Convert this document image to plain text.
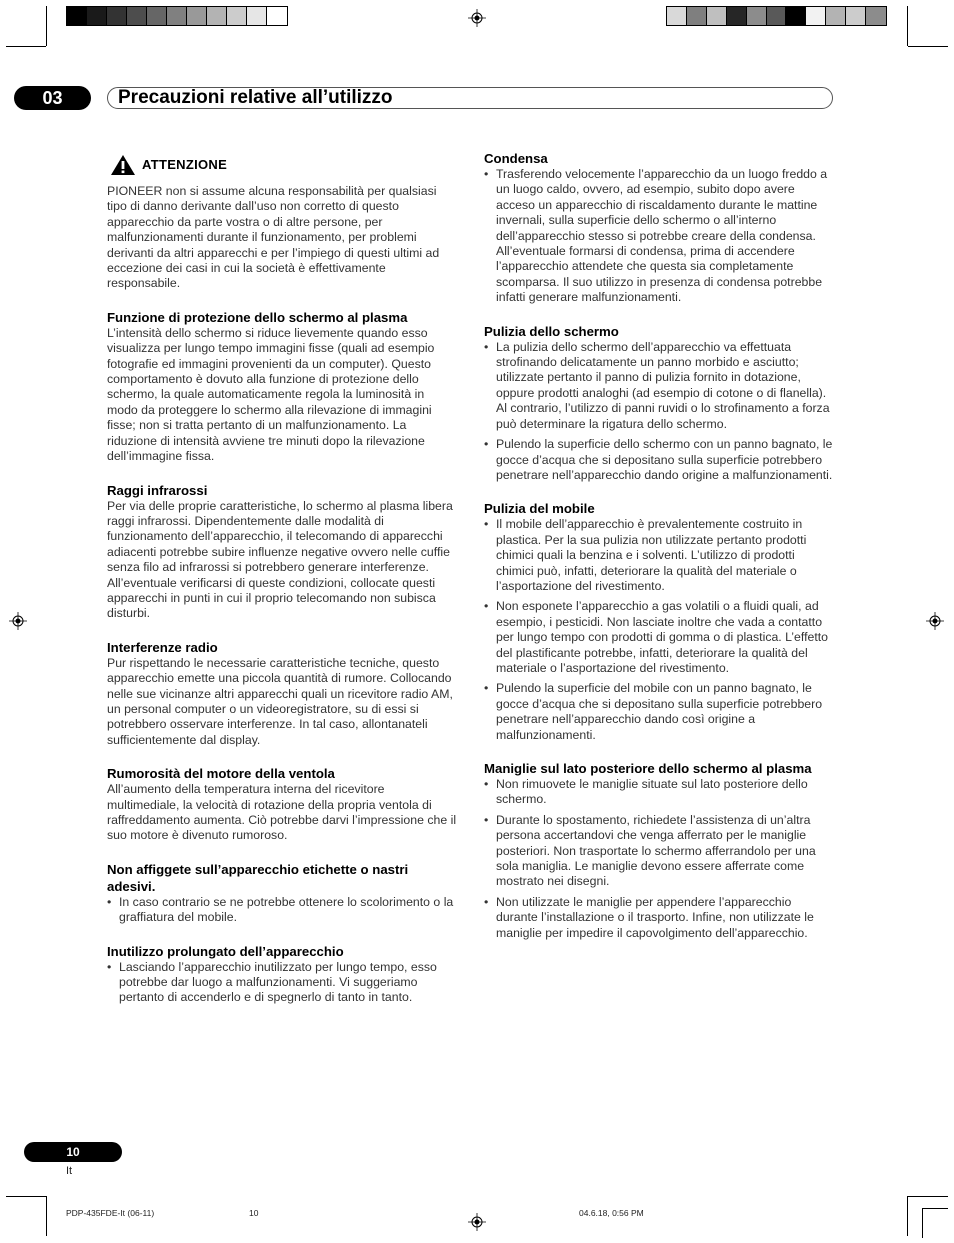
03	Precauzioni relative all’utilizzo
ATTENZIONE

PIONEER non si assume alcuna responsabilità per qualsiasi tipo di danno derivante dall’uso non corretto di questo apparecchio da parte vostra o di altre persone, per malfunzionamenti durante il funzionamento, per problemi derivanti da altri apparecchi e per l’impiego di questi ultimi ad eccezione dei casi in cui la società è effettivamente responsabile.

Funzione di protezione dello schermo al plasma

L’intensità dello schermo si riduce lievemente quando esso visualizza per lungo tempo immagini fisse (quali ad esempio fotografie ed immagini provenienti da un computer). Questo comportamento è dovuto alla funzione di protezione dello schermo, la quale automaticamente regola la luminosità in modo da proteggere lo schermo alla rilevazione di immagini fisse; non si tratta pertanto di un malfunzionamento. La riduzione di intensità avviene tre minuti dopo la rilevazione dell’immagine fissa.

Raggi infrarossi

Per via delle proprie caratteristiche, lo schermo al plasma libera raggi infrarossi. Dipendentemente dalle modalità di funzionamento dell’apparecchio, il telecomando di apparecchi adiacenti potrebbe subire influenze negative ovvero nelle cuffie senza filo ad infrarossi si potrebbero generare interferenze. All’eventuale verificarsi di queste condizioni, collocate questi apparecchi in punti in cui il proprio telecomando non subisca disturbi.

Interferenze radio

Pur rispettando le necessarie caratteristiche tecniche, questo apparecchio emette una piccola quantità di rumore. Collocando nelle sue vicinanze altri apparecchi quali un ricevitore radio AM, un personal computer o un videoregistratore, su di essi si potrebbero osservare interferenze. In tal caso, allontanateli sufficientemente dal display.

Rumorosità del motore della ventola

All’aumento della temperatura interna del ricevitore multimediale, la velocità di rotazione della propria ventola di raffreddamento aumenta. Ciò potrebbe darvi l’impressione che il suo motore è divenuto rumoroso.

Non affiggete sull’apparecchio etichette o nastri adesivi.
• In caso contrario se ne potrebbe ottenere lo scolorimento o la graffiatura del mobile.
Inutilizzo prolungato dell’apparecchio
• Lasciando l’apparecchio inutilizzato per lungo tempo, esso potrebbe dar luogo a malfunzionamenti. Vi suggeriamo pertanto di accenderlo e di spegnerlo di tanto in tanto.
Condensa
• Trasferendo velocemente l’apparecchio da un luogo freddo a un luogo caldo, ovvero, ad esempio, subito dopo avere acceso un apparecchio di riscaldamento durante le mattine invernali, sulla superficie dello schermo o all’interno dell’apparecchio stesso si potrebbe creare della condensa. All’eventuale formarsi di condensa, prima di accendere l’apparecchio attendete che questa sia completamente scomparsa. Il suo utilizzo in presenza di condensa potrebbe infatti generare malfunzionamenti.
Pulizia dello schermo
• La pulizia dello schermo dell’apparecchio va effettuata strofinando delicatamente un panno morbido e asciutto; utilizzate pertanto il panno di pulizia fornito in dotazione, oppure prodotti analoghi (ad esempio di cotone o di flanella). Al contrario, l’utilizzo di panni ruvidi o lo strofinamento a forza può determinare la rigatura dello schermo.
• Pulendo la superficie dello schermo con un panno bagnato, le gocce d’acqua che si depositano sulla superficie potrebbero penetrare nell’apparecchio dando origine a malfunzionamenti.
Pulizia del mobile
• Il mobile dell’apparecchio è prevalentemente costruito in plastica. Per la sua pulizia non utilizzate pertanto prodotti chimici quali la benzina e i solventi. L’utilizzo di prodotti chimici può, infatti, deteriorare la qualità del materiale o l’asportazione del rivestimento.
• Non esponete l’apparecchio a gas volatili o a fluidi quali, ad esempio, i pesticidi. Non lasciate inoltre che vada a contatto per lungo tempo con prodotti di gomma o di plastica. L’effetto del plastificante potrebbe, infatti, deteriorare la qualità del materiale o l’asportazione del rivestimento.
• Pulendo la superficie del mobile con un panno bagnato, le gocce d’acqua che si depositano sulla superficie potrebbero penetrare nell’apparecchio dando così origine a malfunzionamenti.
Maniglie sul lato posteriore dello schermo al plasma
• Non rimuovete le maniglie situate sul lato posteriore dello schermo.
• Durante lo spostamento, richiedete l’assistenza di un’altra persona accertandovi che venga afferrato per le maniglie posteriori. Non trasportate lo schermo afferrandolo per una sola maniglia. Le maniglie devono essere afferrate come mostrato nei disegni.
• Non utilizzate le maniglie per appendere l’apparecchio durante l’installazione o il trasporto. Infine, non utilizzate le maniglie per impedire il capovolgimento dell’apparecchio.
10
It
PDP-435FDE-It (06-11)	10	04.6.18, 0:56 PM
